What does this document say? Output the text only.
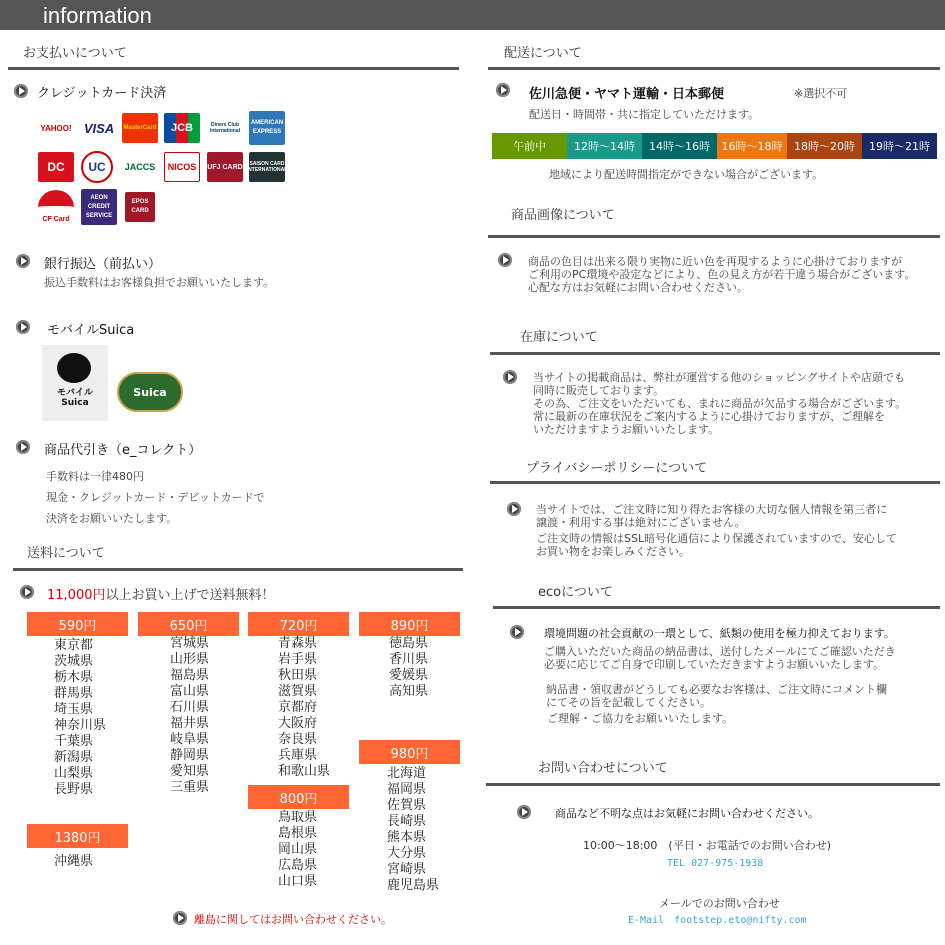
information
お支払いについて
クレジットカード決済
YAHOO! VISA	MasterCard	JCB	Diners Club International
AMERICAN EXPRESS
DC	UC	JACCS	NICOS	UFJ CARD SAISON CARD INTERNATIONAL
CF Card
AEON CREDIT SERVICE
EPOS CARD
銀行振込（前払い）
振込手数料はお客様負担でお願いいたします。
モバイルSuica
モバイル Suica
Suica
商品代引き（e_コレクト）
手数料は一律480円
現金・クレジットカード・デビットカードで
決済をお願いいたします。
送料について
11,000円以上お買い上げで送料無料！
590円
東京都
茨城県
栃木県
群馬県
埼玉県
神奈川県
千葉県
新潟県
山梨県
長野県
650円
宮城県
山形県
福島県
富山県
石川県
福井県
岐阜県
静岡県
愛知県
三重県
720円
青森県
岩手県
秋田県
滋賀県
京都府
大阪府
奈良県
兵庫県
和歌山県
890円
徳島県
香川県
愛媛県
高知県
800円
鳥取県
島根県
岡山県
広島県
山口県
980円
北海道
福岡県
佐賀県
長崎県
熊本県
大分県
宮崎県
鹿児島県
1380円
沖縄県
離島に関してはお問い合わせください。
配送について
佐川急便・ヤマト運輸・日本郵便	※選択不可
配送日・時間帯・共に指定していただけます。
午前中	12時～14時	14時～16時	16時～18時	18時～20時	19時～21時
地域により配送時間指定ができない場合がございます。
商品画像について
商品の色目は出来る限り実物に近い色を再現するように心掛けておりますが
ご利用のPC環境や設定などにより、色の見え方が若干違う場合がございます。
心配な方はお気軽にお問い合わせください。
在庫について
当サイトの掲載商品は、弊社が運営する他のショッピングサイトや店頭でも
同時に販売しております。
その為、ご注文をいただいても、まれに商品が欠品する場合がございます。
常に最新の在庫状況をご案内するように心掛けておりますが、ご理解を
いただけますようお願いいたします。
プライバシーポリシーについて
当サイトでは、ご注文時に知り得たお客様の大切な個人情報を第三者に
譲渡・利用する事は絶対にございません。
ご注文時の情報はSSL暗号化通信により保護されていますので、安心して
お買い物をお楽しみください。
ecoについて
環境問題の社会貢献の一環として、紙類の使用を極力抑えております。
ご購入いただいた商品の納品書は、送付したメールにてご確認いただき
必要に応じてご自身で印刷していただきますようお願いいたします。
納品書・領収書がどうしても必要なお客様は、ご注文時にコメント欄
にてその旨を記載してください。
ご理解・ご協力をお願いいたします。
お問い合わせについて
商品など不明な点はお気軽にお問い合わせください。
10:00～18:00　(平日・お電話でのお問い合わせ)
TEL 027-975-1938
メールでのお問い合わせ
E-Mail　footstep.eto@nifty.com
